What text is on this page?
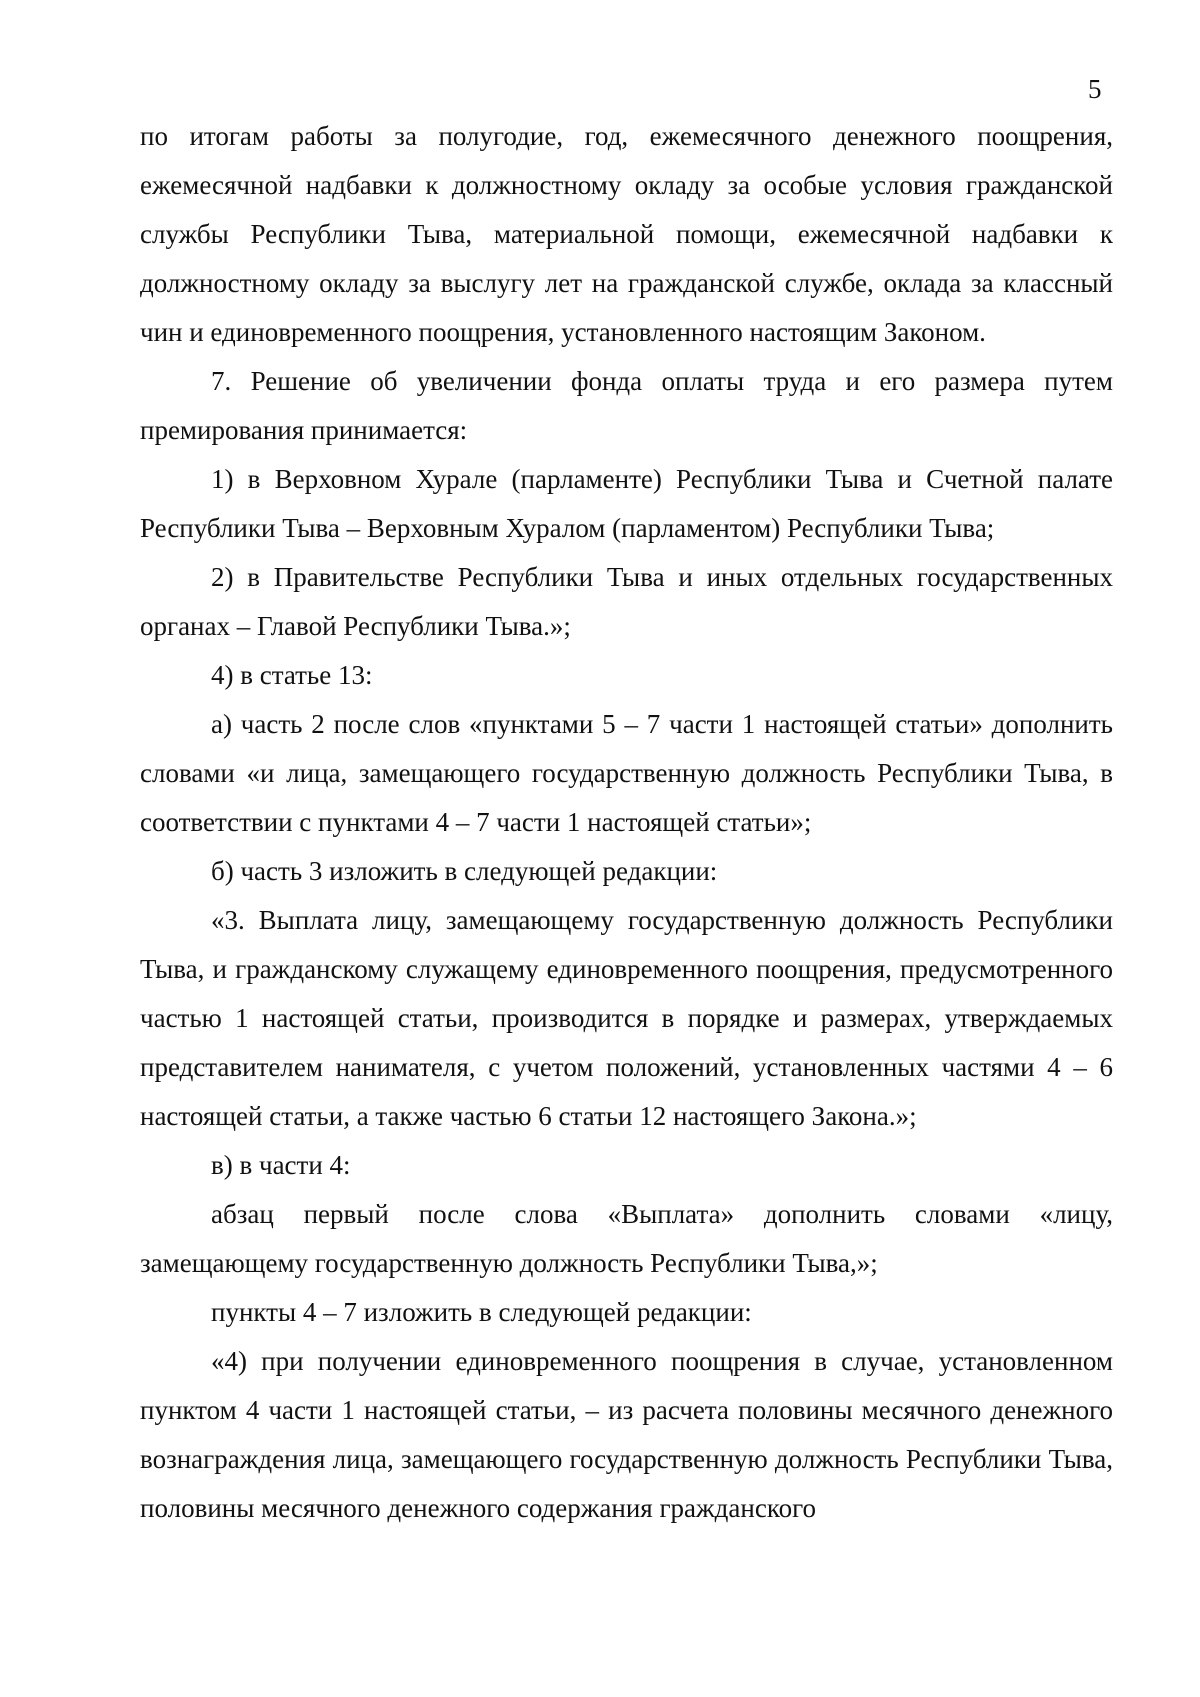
5

по итогам работы за полугодие, год, ежемесячного денежного поощрения, ежемесячной надбавки к должностному окладу за особые условия гражданской службы Республики Тыва, материальной помощи, ежемесячной надбавки к должностному окладу за выслугу лет на гражданской службе, оклада за классный чин и единовременного поощрения, установленного настоящим Законом.

7. Решение об увеличении фонда оплаты труда и его размера путем премирования принимается:

1) в Верховном Хурале (парламенте) Республики Тыва и Счетной палате Республики Тыва – Верховным Хуралом (парламентом) Республики Тыва;

2) в Правительстве Республики Тыва и иных отдельных государственных органах – Главой Республики Тыва.»;

4) в статье 13:

а) часть 2 после слов «пунктами 5 – 7 части 1 настоящей статьи» дополнить словами «и лица, замещающего государственную должность Республики Тыва, в соответствии с пунктами 4 – 7 части 1 настоящей статьи»;

б) часть 3 изложить в следующей редакции:

«3. Выплата лицу, замещающему государственную должность Республики Тыва, и гражданскому служащему единовременного поощрения, предусмотренного частью 1 настоящей статьи, производится в порядке и размерах, утверждаемых представителем нанимателя, с учетом положений, установленных частями 4 – 6 настоящей статьи, а также частью 6 статьи 12 настоящего Закона.»;

в) в части 4:

абзац первый после слова «Выплата» дополнить словами «лицу, замещающему государственную должность Республики Тыва,»;

пункты 4 – 7 изложить в следующей редакции:

«4) при получении единовременного поощрения в случае, установленном пунктом 4 части 1 настоящей статьи, – из расчета половины месячного денежного вознаграждения лица, замещающего государственную должность Республики Тыва, половины месячного денежного содержания гражданского
